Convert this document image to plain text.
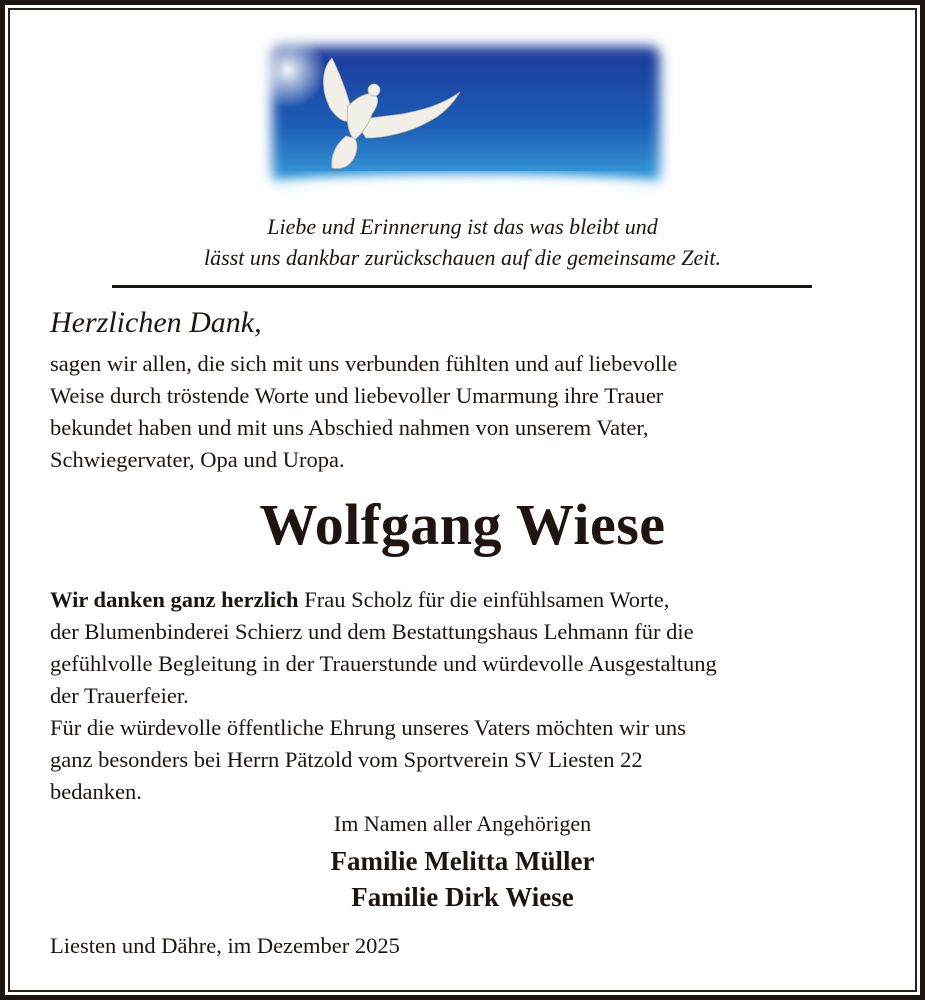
Liebe und Erinnerung ist das was bleibt und
lässt uns dankbar zurückschauen auf die gemeinsame Zeit.
Herzlichen Dank,

sagen wir allen, die sich mit uns verbunden fühlten und auf liebevolle

Weise durch tröstende Worte und liebevoller Umarmung ihre Trauer

bekundet haben und mit uns Abschied nahmen von unserem Vater,

Schwiegervater, Opa und Uropa.

Wolfgang Wiese

Wir danken ganz herzlich Frau Scholz für die einfühlsamen Worte,

der Blumenbinderei Schierz und dem Bestattungshaus Lehmann für die

gefühlvolle Begleitung in der Trauerstunde und würdevolle Ausgestaltung

der Trauerfeier.

Für die würdevolle öffentliche Ehrung unseres Vaters möchten wir uns

ganz besonders bei Herrn Pätzold vom Sportverein SV Liesten 22

bedanken.

Im Namen aller Angehörigen
Familie Melitta Müller
Familie Dirk Wiese
Liesten und Dähre, im Dezember 2025
